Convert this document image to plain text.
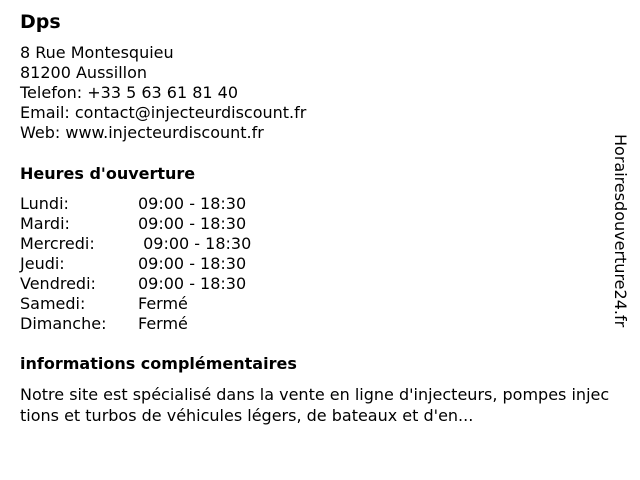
Dps
8 Rue Montesquieu
81200 Aussillon
Telefon: +33 5 63 61 81 40
Email: contact@injecteurdiscount.fr
Web: www.injecteurdiscount.fr
Heures d'ouverture
Lundi:	09:00 - 18:30
Mardi:	09:00 - 18:30
Mercredi:	09:00 - 18:30
Jeudi:	09:00 - 18:30
Vendredi:	09:00 - 18:30
Samedi:	Fermé
Dimanche:	Fermé
informations complémentaires
Notre site est spécialisé dans la vente en ligne d'injecteurs, pompes injections et turbos de véhicules légers, de bateaux et d'en...
Horairesdouverture24.fr
